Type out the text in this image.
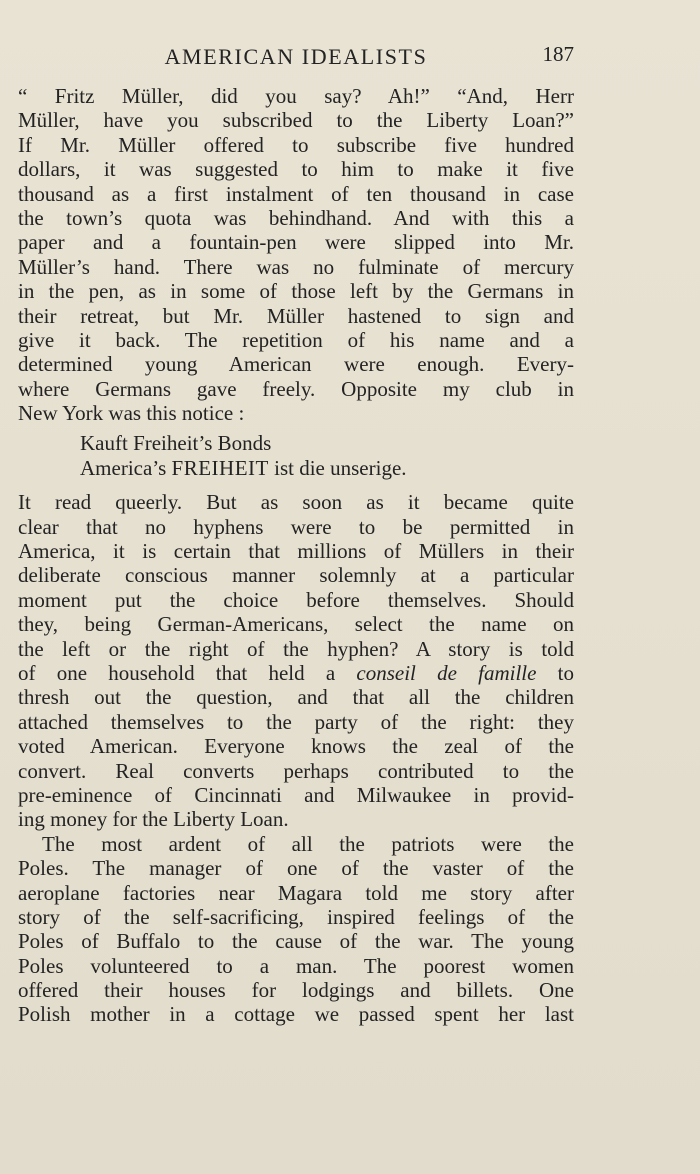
AMERICAN IDEALISTS	187
“ Fritz Müller, did you say? Ah!” “And, Herr
Müller, have you subscribed to the Liberty Loan?”
If Mr. Müller offered to subscribe five hundred
dollars, it was suggested to him to make it five
thousand as a first instalment of ten thousand in case
the town’s quota was behindhand. And with this a
paper and a fountain-pen were slipped into Mr.
Müller’s hand. There was no fulminate of mercury
in the pen, as in some of those left by the Germans in
their retreat, but Mr. Müller hastened to sign and
give it back. The repetition of his name and a
determined young American were enough. Every-
where Germans gave freely. Opposite my club in
New York was this notice :
Kauft Freiheit’s Bonds
America’s FREIHEIT ist die unserige.
It read queerly. But as soon as it became quite
clear that no hyphens were to be permitted in
America, it is certain that millions of Müllers in their
deliberate conscious manner solemnly at a particular
moment put the choice before themselves. Should
they, being German-Americans, select the name on
the left or the right of the hyphen? A story is told
of one household that held a conseil de famille to
thresh out the question, and that all the children
attached themselves to the party of the right: they
voted American. Everyone knows the zeal of the
convert. Real converts perhaps contributed to the
pre-eminence of Cincinnati and Milwaukee in provid-
ing money for the Liberty Loan.
The most ardent of all the patriots were the
Poles. The manager of one of the vaster of the
aeroplane factories near Magara told me story after
story of the self-sacrificing, inspired feelings of the
Poles of Buffalo to the cause of the war. The young
Poles volunteered to a man. The poorest women
offered their houses for lodgings and billets. One
Polish mother in a cottage we passed spent her last
